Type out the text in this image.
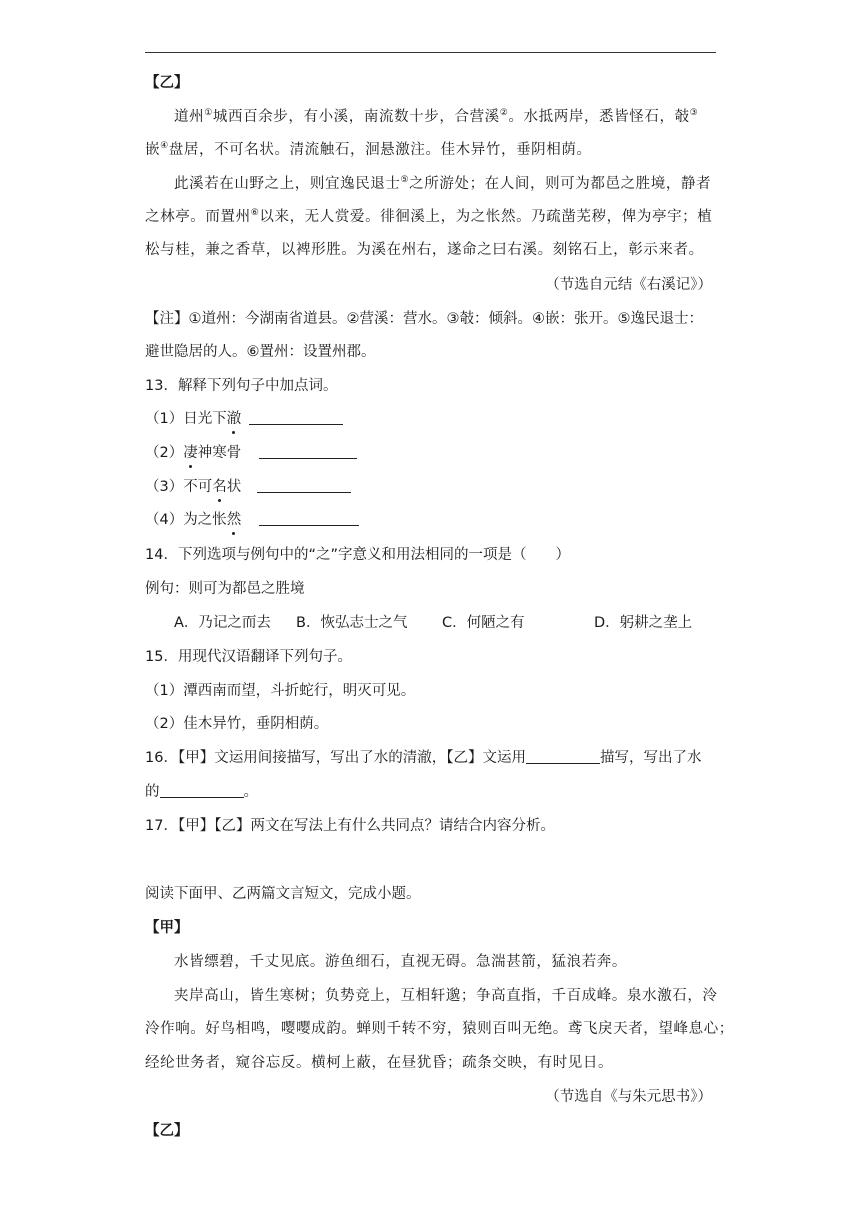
【乙】
道州①城西百余步，有小溪，南流数十步，合营溪②。水抵两岸，悉皆怪石，攲③
嵌④盘居，不可名状。清流触石，洄悬激注。佳木异竹，垂阴相荫。
此溪若在山野之上，则宜逸民退士⑤之所游处；在人间，则可为都邑之胜境，静者
之林亭。而置州⑥以来，无人赏爱。徘徊溪上，为之怅然。乃疏凿芜秽，俾为亭宇；植
松与桂，兼之香草，以裨形胜。为溪在州右，遂命之曰右溪。刻铭石上，彰示来者。
（节选自元结《右溪记》）
【注】①道州：今湖南省道县。②营溪：营水。③攲：倾斜。④嵌：张开。⑤逸民退士：
避世隐居的人。⑥置州：设置州郡。
13．解释下列句子中加点词。
（1）日光下澈
（2）凄神寒骨
（3）不可名状
（4）为之怅然
14．下列选项与例句中的“之”字意义和用法相同的一项是（　　）
例句：则可为都邑之胜境
A．乃记之而去 B．恢弘志士之气 C．何陋之有	D．躬耕之垄上
15．用现代汉语翻译下列句子。
（1）潭西南而望，斗折蛇行，明灭可见。
（2）佳木异竹，垂阴相荫。
16．【甲】文运用间接描写，写出了水的清澈，【乙】文运用	描写，写出了水
的	。
17．【甲】【乙】两文在写法上有什么共同点？请结合内容分析。
阅读下面甲、乙两篇文言短文，完成小题。
【甲】
水皆缥碧，千丈见底。游鱼细石，直视无碍。急湍甚箭，猛浪若奔。
夹岸高山，皆生寒树；负势竞上，互相轩邈；争高直指，千百成峰。泉水激石，泠
泠作响。好鸟相鸣，嘤嘤成韵。蝉则千转不穷，猿则百叫无绝。鸢飞戾天者，望峰息心；
经纶世务者，窥谷忘反。横柯上蔽，在昼犹昏；疏条交映，有时见日。
（节选自《与朱元思书》）
【乙】
